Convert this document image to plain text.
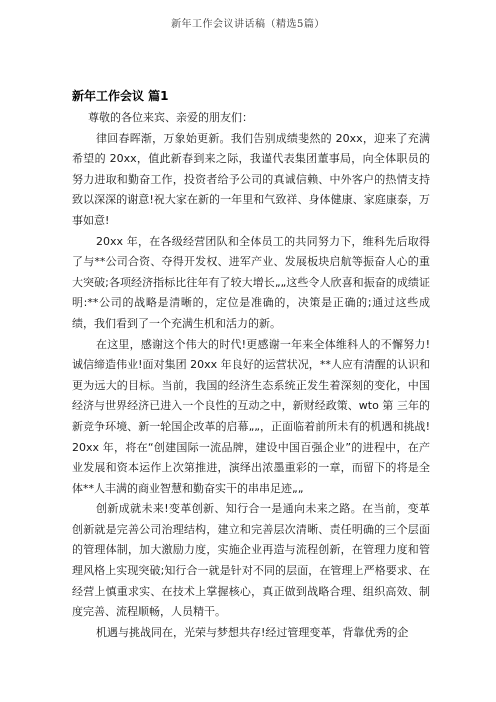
新年工作会议讲话稿（精选5篇）
新年工作会议 篇1

尊敬的各位来宾、亲爱的朋友们：

律回春晖渐，万象始更新。我们告别成绩斐然的 20xx，迎来了充满希望的 20xx，值此新春到来之际，我谨代表集团董事局，向全体职员的努力进取和勤奋工作，投资者给予公司的真诚信赖、中外客户的热情支持致以深深的谢意!祝大家在新的一年里和气致祥、身体健康、家庭康泰，万事如意!

20xx 年，在各级经营团队和全体员工的共同努力下，维科先后取得了与**公司合资、夺得开发权、进军产业、发展板块启航等振奋人心的重大突破;各项经济指标比往年有了较大增长„„这些令人欣喜和振奋的成绩证明:**公司的战略是清晰的，定位是准确的，决策是正确的;通过这些成绩，我们看到了一个充满生机和活力的新。

在这里，感谢这个伟大的时代!更感谢一年来全体维科人的不懈努力! 诚信缔造伟业!面对集团 20xx 年良好的运营状况，**人应有清醒的认识和更为远大的目标。当前，我国的经济生态系统正发生着深刻的变化，中国经济与世界经济已进入一个良性的互动之中，新财经政策、wto 第 三年的新竞争环境、新一轮国企改革的启幕„„，正面临着前所未有的机遇和挑战!20xx 年，将在“创建国际一流品牌，建设中国百强企业”的进程中，在产业发展和资本运作上次第推进，演绎出浓墨重彩的一章，而留下的将是全体**人丰满的商业智慧和勤奋实干的串串足迹„„

创新成就未来!变革创新、知行合一是通向未来之路。在当前，变革创新就是完善公司治理结构，建立和完善层次清晰、责任明确的三个层面的管理体制，加大激励力度，实施企业再造与流程创新，在管理力度和管理风格上实现突破;知行合一就是针对不同的层面，在管理上严格要求、在经营上慎重求实、在技术上掌握核心，真正做到战略合理、组织高效、制度完善、流程顺畅，人员精干。

机遇与挑战同在，光荣与梦想共存!经过管理变革，背靠优秀的企
